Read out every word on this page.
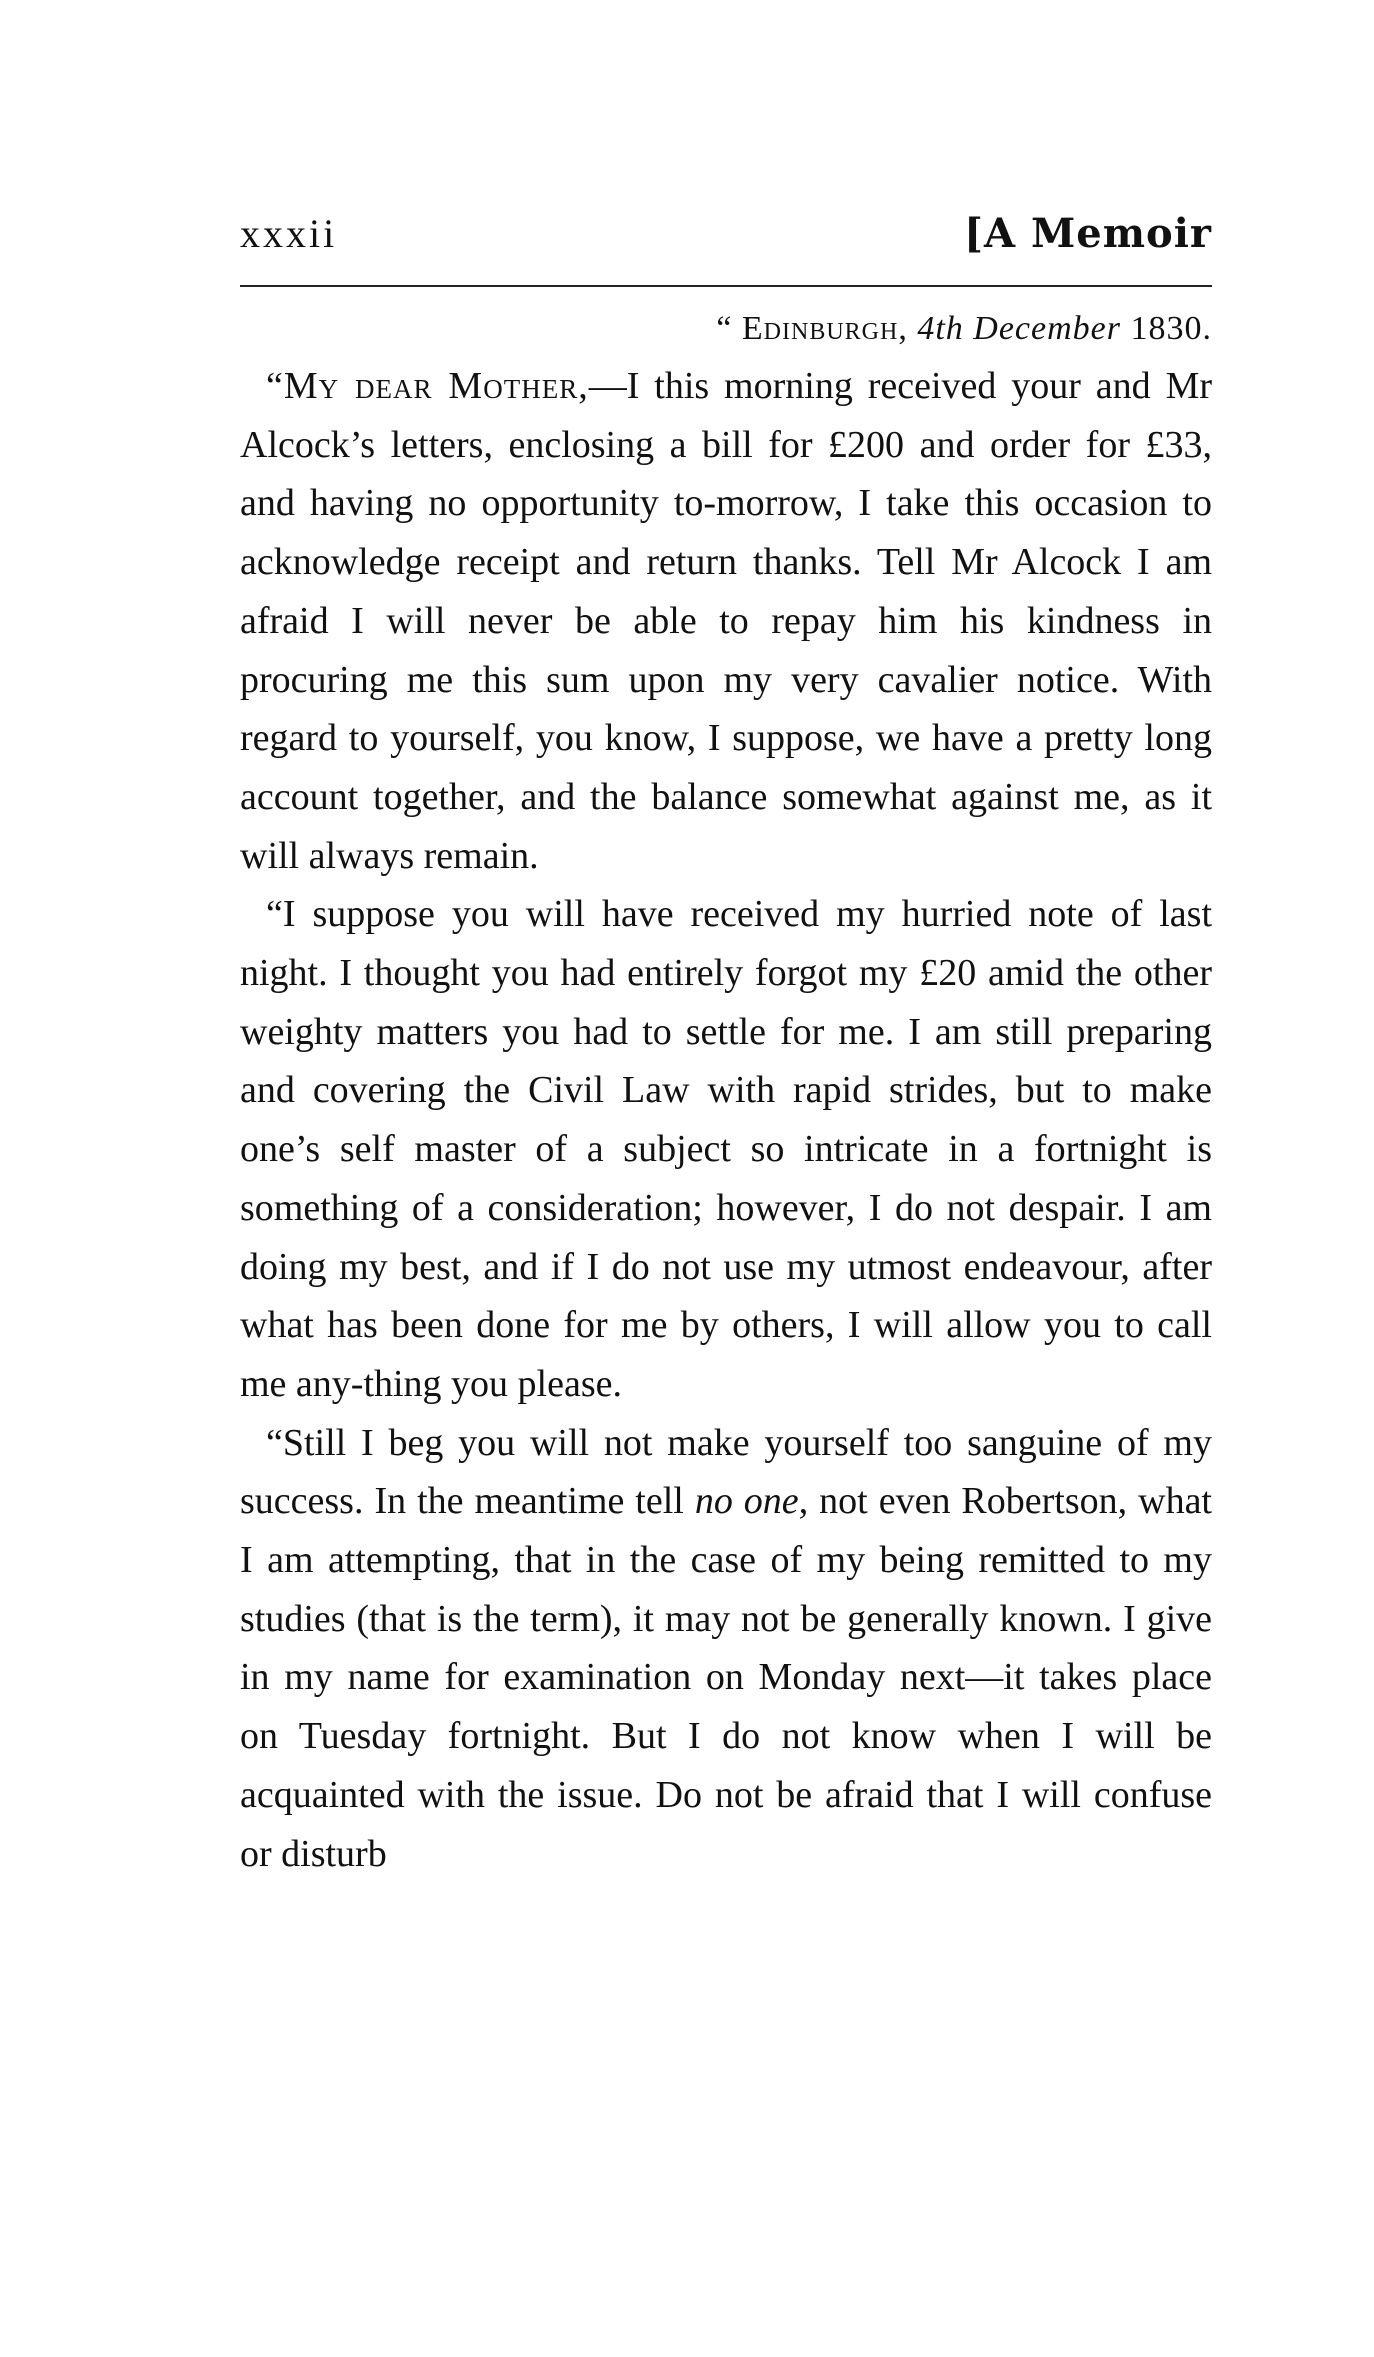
xxxii	[A Memoir
“ Edinburgh, 4th December 1830.

“My dear Mother,—I this morning received your and Mr Alcock’s letters, enclosing a bill for £200 and order for £33, and having no opportunity to-morrow, I take this occasion to acknowledge receipt and return thanks. Tell Mr Alcock I am afraid I will never be able to repay him his kindness in procuring me this sum upon my very cavalier notice. With regard to yourself, you know, I suppose, we have a pretty long account together, and the balance somewhat against me, as it will always remain.

“I suppose you will have received my hurried note of last night. I thought you had entirely forgot my £20 amid the other weighty matters you had to settle for me. I am still preparing and covering the Civil Law with rapid strides, but to make one’s self master of a subject so intricate in a fortnight is something of a consideration; however, I do not despair. I am doing my best, and if I do not use my utmost endeavour, after what has been done for me by others, I will allow you to call me any-thing you please.

“Still I beg you will not make yourself too sanguine of my success. In the meantime tell no one, not even Robertson, what I am attempting, that in the case of my being remitted to my studies (that is the term), it may not be generally known. I give in my name for examination on Monday next—it takes place on Tuesday fortnight. But I do not know when I will be acquainted with the issue. Do not be afraid that I will confuse or disturb
